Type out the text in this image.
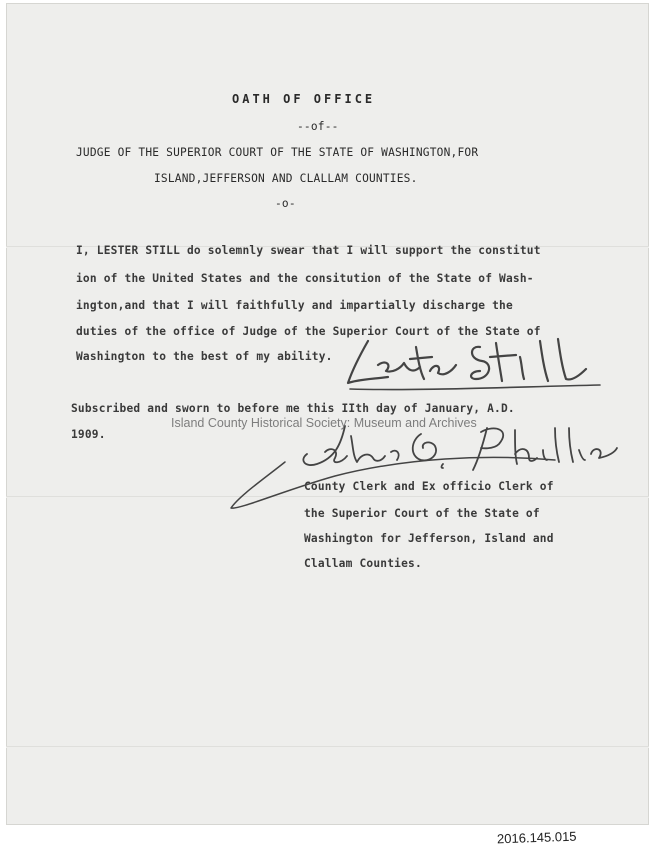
OATH OF OFFICE
--of--
JUDGE OF THE SUPERIOR COURT OF THE STATE OF WASHINGTON,FOR
ISLAND,JEFFERSON AND CLALLAM COUNTIES.
-o-
I, LESTER STILL do solemnly swear that I will support the constitut
ion of the United States and the consitution of the State of Wash-
ington,and that I will faithfully and impartially discharge the
duties of the office of Judge of the Superior Court of the State of
Washington to the best of my ability.
Subscribed and sworn to before me this IIth day of January, A.D.
1909.
County Clerk and Ex officio Clerk of
the Superior Court of the State of
Washington for Jefferson, Island and
Clallam Counties.
Island County Historical Society: Museum and Archives
2016.145.015
